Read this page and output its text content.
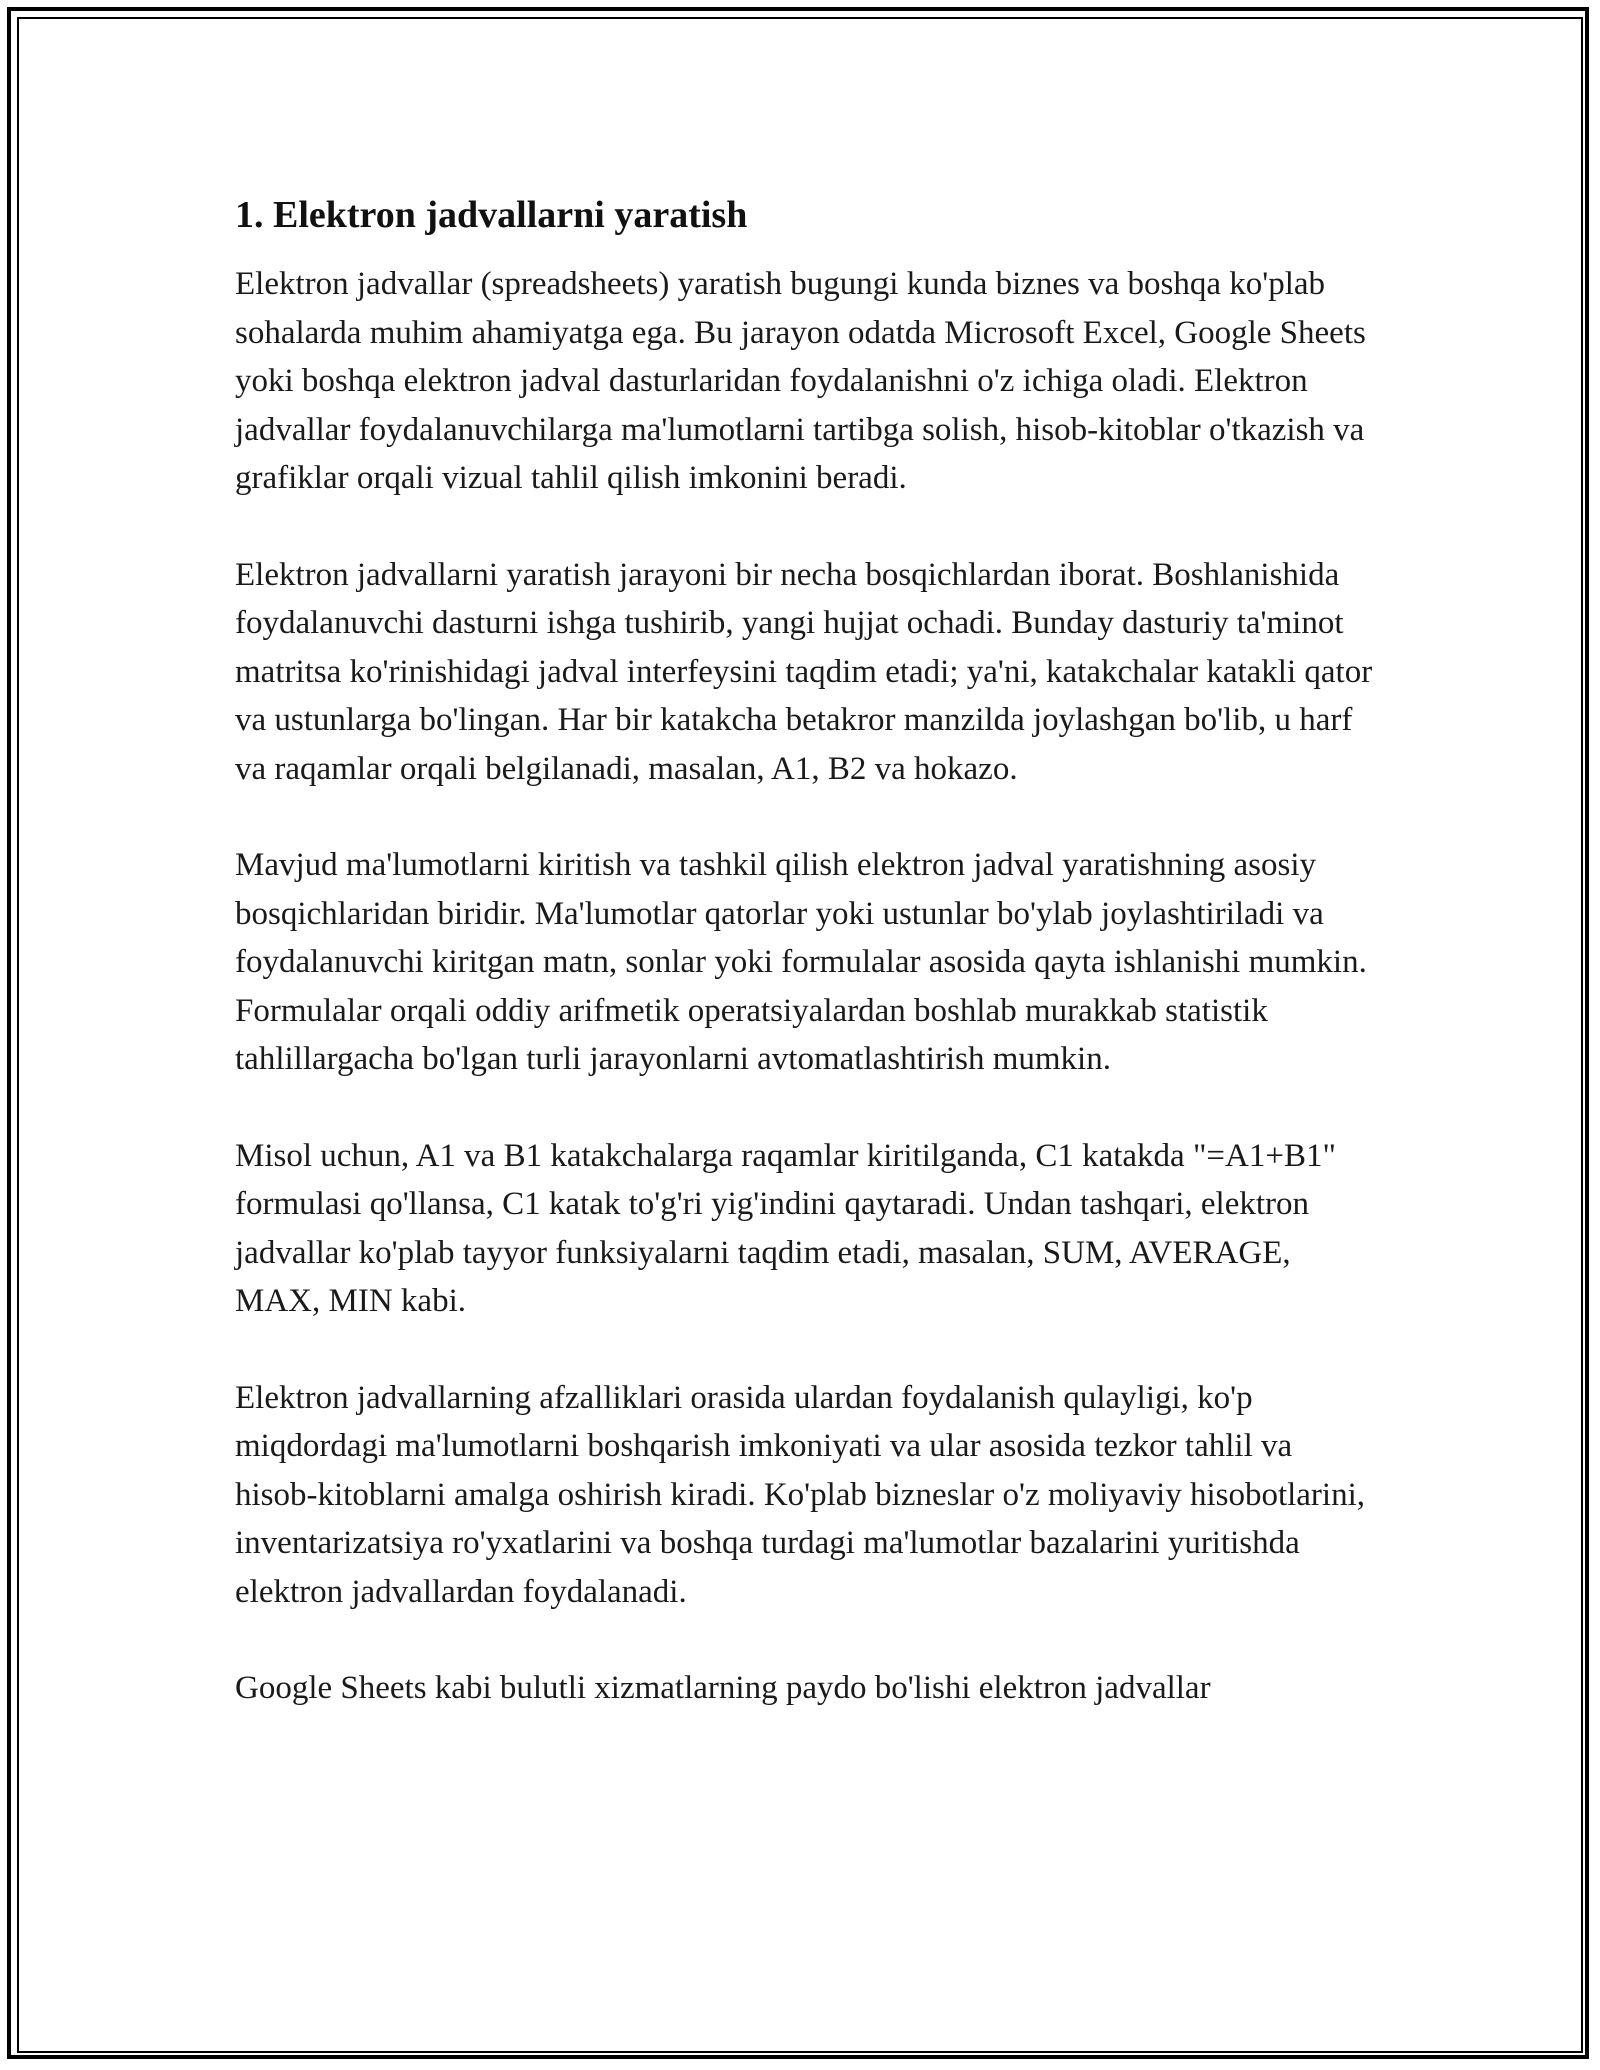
1. Elektron jadvallarni yaratish

Elektron jadvallar (spreadsheets) yaratish bugungi kunda biznes va boshqa ko'plab sohalarda muhim ahamiyatga ega. Bu jarayon odatda Microsoft Excel, Google Sheets yoki boshqa elektron jadval dasturlaridan foydalanishni o'z ichiga oladi. Elektron jadvallar foydalanuvchilarga ma'lumotlarni tartibga solish, hisob-kitoblar o'tkazish va grafiklar orqali vizual tahlil qilish imkonini beradi.

Elektron jadvallarni yaratish jarayoni bir necha bosqichlardan iborat. Boshlanishida foydalanuvchi dasturni ishga tushirib, yangi hujjat ochadi. Bunday dasturiy ta'minot matritsa ko'rinishidagi jadval interfeysini taqdim etadi; ya'ni, katakchalar katakli qator va ustunlarga bo'lingan. Har bir katakcha betakror manzilda joylashgan bo'lib, u harf va raqamlar orqali belgilanadi, masalan, A1, B2 va hokazo.

Mavjud ma'lumotlarni kiritish va tashkil qilish elektron jadval yaratishning asosiy bosqichlaridan biridir. Ma'lumotlar qatorlar yoki ustunlar bo'ylab joylashtiriladi va foydalanuvchi kiritgan matn, sonlar yoki formulalar asosida qayta ishlanishi mumkin. Formulalar orqali oddiy arifmetik operatsiyalardan boshlab murakkab statistik tahlillargacha bo'lgan turli jarayonlarni avtomatlashtirish mumkin.

Misol uchun, A1 va B1 katakchalarga raqamlar kiritilganda, C1 katakda "=A1+B1" formulasi qo'llansa, C1 katak to'g'ri yig'indini qaytaradi. Undan tashqari, elektron jadvallar ko'plab tayyor funksiyalarni taqdim etadi, masalan, SUM, AVERAGE, MAX, MIN kabi.

Elektron jadvallarning afzalliklari orasida ulardan foydalanish qulayligi, ko'p miqdordagi ma'lumotlarni boshqarish imkoniyati va ular asosida tezkor tahlil va hisob-kitoblarni amalga oshirish kiradi. Ko'plab bizneslar o'z moliyaviy hisobotlarini, inventarizatsiya ro'yxatlarini va boshqa turdagi ma'lumotlar bazalarini yuritishda elektron jadvallardan foydalanadi.

Google Sheets kabi bulutli xizmatlarning paydo bo'lishi elektron jadvallar
